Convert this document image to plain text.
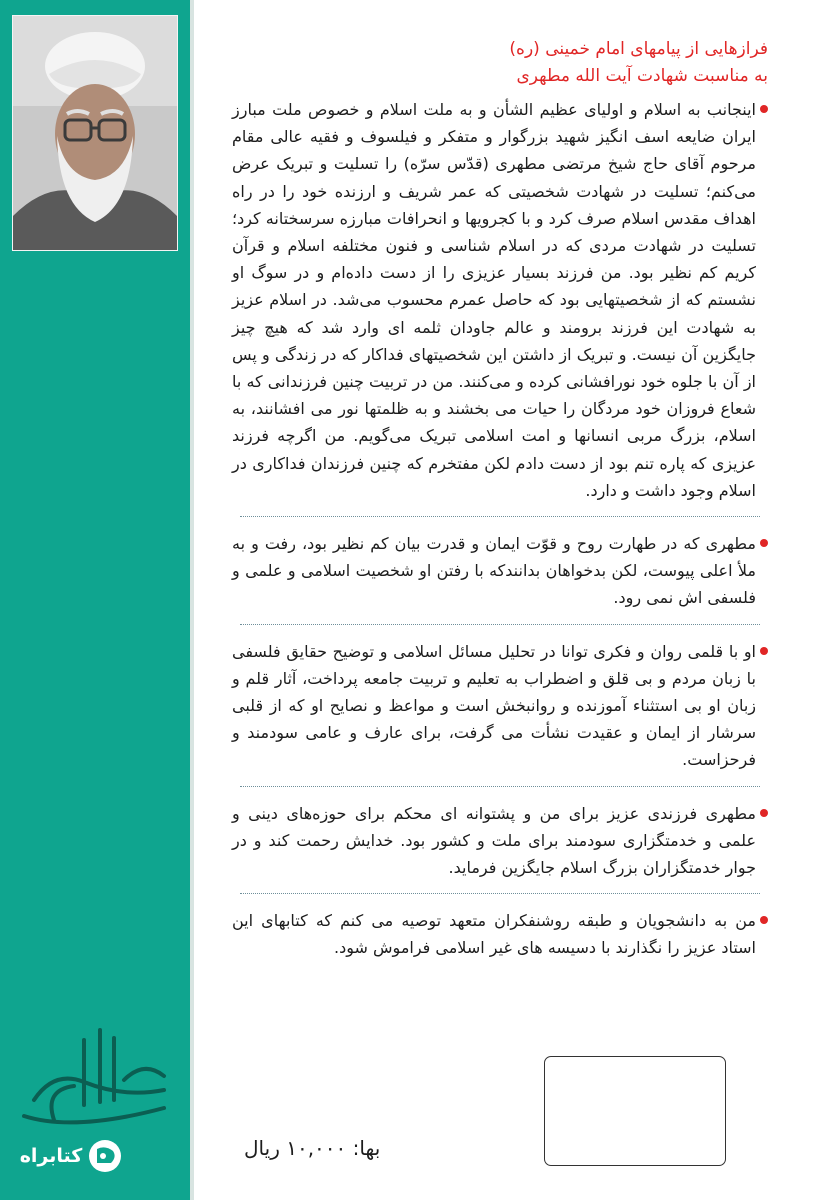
کتابراه

فرازهایی از پیامهای امام خمینی (ره)

به مناسبت شهادت آیت الله مطهری

اینجانب به اسلام و اولیای عظیم الشأن و به ملت اسلام و خصوص ملت مبارز ایران ضایعه اسف انگیز شهید بزرگوار و متفکر و فیلسوف و فقیه عالی مقام مرحوم آقای حاج شیخ مرتضی مطهری (قدّس سرّه) را تسلیت و تبریک عرض می‌کنم؛ تسلیت در شهادت شخصیتی که عمر شریف و ارزنده خود را در راه اهداف مقدس اسلام صرف کرد و با کجرویها و انحرافات مبارزه سرسختانه کرد؛ تسلیت در شهادت مردی که در اسلام شناسی و فنون مختلفه اسلام و قرآن کریم کم نظیر بود. من فرزند بسیار عزیزی را از دست داده‌ام و در سوگ او نشستم که از شخصیتهایی بود که حاصل عمرم محسوب می‌شد. در اسلام عزیز به شهادت این فرزند برومند و عالم جاودان ثلمه ای وارد شد که هیچ چیز جایگزین آن نیست. و تبریک از داشتن این شخصیتهای فداکار که در زندگی و پس از آن با جلوه خود نورافشانی کرده و می‌کنند. من در تربیت چنین فرزندانی که با شعاع فروزان خود مردگان را حیات می بخشند و به ظلمتها نور می افشانند، به اسلام، بزرگ مربی انسانها و امت اسلامی تبریک می‌گویم. من اگرچه فرزند عزیزی که پاره تنم بود از دست دادم لکن مفتخرم که چنین فرزندان فداکاری در اسلام وجود داشت و دارد.

مطهری که در طهارت روح و قوّت ایمان و قدرت بیان کم نظیر بود، رفت و به ملأ اعلی پیوست، لکن بدخواهان بدانندکه با رفتن او شخصیت اسلامی و علمی و فلسفی اش نمی رود.

او با قلمی روان و فکری توانا در تحلیل مسائل اسلامی و توضیح حقایق فلسفی با زبان مردم و بی قلق و اضطراب به تعلیم و تربیت جامعه پرداخت، آثار قلم و زبان او بی استثناء آموزنده و روانبخش است و مواعظ و نصایح او که از قلبی سرشار از ایمان و عقیدت نشأت می گرفت، برای عارف و عامی سودمند و فرحزاست.

مطهری فرزندی عزیز برای من و پشتوانه ای محکم برای حوزه‌های دینی و علمی و خدمتگزاری سودمند برای ملت و کشور بود. خدایش رحمت کند و در جوار خدمتگزاران بزرگ اسلام جایگزین فرماید.

من به دانشجویان و طبقه روشنفکران متعهد توصیه می کنم که کتابهای این استاد عزیز را نگذارند با دسیسه های غیر اسلامی فراموش شود.

بها: ۱۰,۰۰۰ ریال
